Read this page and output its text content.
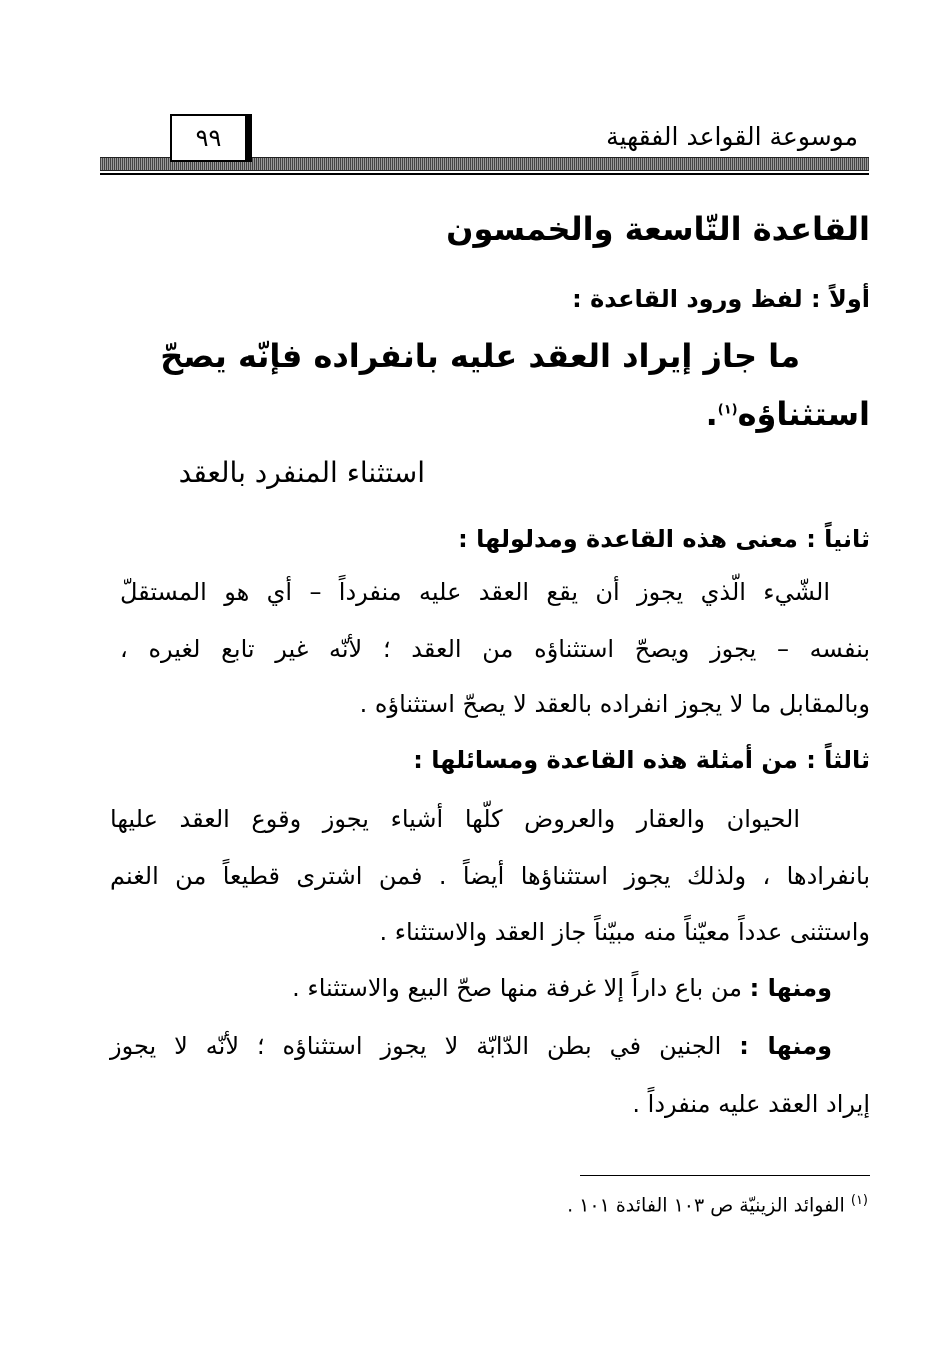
موسوعة القواعد الفقهية
٩٩
القاعدة التّاسعة والخمسون
أولاً : لفظ ورود القاعدة :
ما جاز إيراد العقد عليه بانفراده فإنّه يصحّ
استثناؤه$^{(١)}$.
استثناء المنفرد بالعقد
ثانياً : معنى هذه القاعدة ومدلولها :
الشّيء الّذي يجوز أن يقع العقد عليه منفرداً – أي هو المستقلّ
بنفسه – يجوز ويصحّ استثناؤه من العقد ؛ لأنّه غير تابع لغيره ،
وبالمقابل ما لا يجوز انفراده بالعقد لا يصحّ استثناؤه .
ثالثاً : من أمثلة هذه القاعدة ومسائلها :
الحيوان والعقار والعروض كلّها أشياء يجوز وقوع العقد عليها
بانفرادها ، ولذلك يجوز استثناؤها أيضاً . فمن اشترى قطيعاً من الغنم
واستثنى عدداً معيّناً منه مبيّناً جاز العقد والاستثناء .
ومنها : من باع داراً إلا غرفة منها صحّ البيع والاستثناء .
ومنها : الجنين في بطن الدّابّة لا يجوز استثناؤه ؛ لأنّه لا يجوز
إيراد العقد عليه منفرداً .
$^{(١)}$ الفوائد الزينيّة ص ١٠٣ الفائدة ١٠١ .
